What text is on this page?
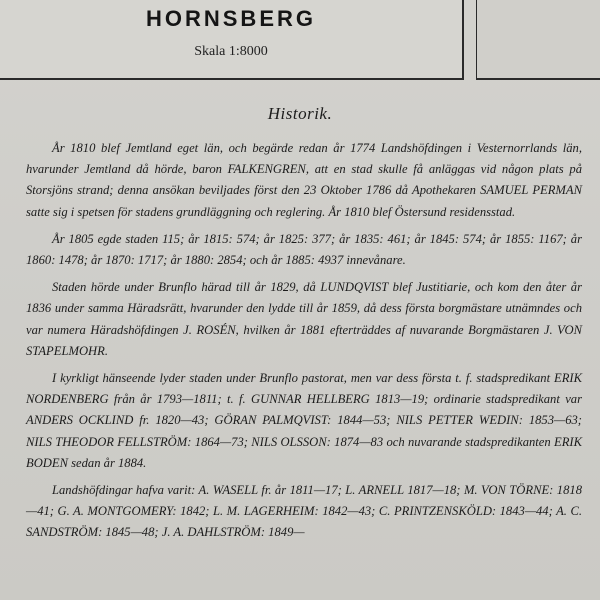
HORNSBERG
Skala 1:8000
Historik.

År 1810 blef Jemtland eget län, och begärde redan år 1774 Landshöfdingen i Vesternorrlands län, hvarunder Jemtland då hörde, baron FALKENGREN, att en stad skulle få anläggas vid någon plats på Storsjöns strand; denna ansökan beviljades först den 23 Oktober 1786 då Apothekaren SAMUEL PERMAN satte sig i spetsen för stadens grundläggning och reglering. År 1810 blef Östersund residensstad.

År 1805 egde staden 115; år 1815: 574; år 1825: 377; år 1835: 461; år 1845: 574; år 1855: 1167; år 1860: 1478; år 1870: 1717; år 1880: 2854; och år 1885: 4937 innevånare.

Staden hörde under Brunflo härad till år 1829, då LUNDQVIST blef Justitiarie, och kom den åter år 1836 under samma Häradsrätt, hvarunder den lydde till år 1859, då dess första borgmästare utnämndes och var numera Häradshöfdingen J. ROSÉN, hvilken år 1881 efterträddes af nuvarande Borgmästaren J. VON STAPELMOHR.

I kyrkligt hänseende lyder staden under Brunflo pastorat, men var dess första t. f. stadspredikant ERIK NORDENBERG från år 1793—1811; t. f. GUNNAR HELLBERG 1813—19; ordinarie stadspredikant var ANDERS OCKLIND fr. 1820—43; GÖRAN PALMQVIST: 1844—53; NILS PETTER WEDIN: 1853—63; NILS THEODOR FELLSTRÖM: 1864—73; NILS OLSSON: 1874—83 och nuvarande stadspredikanten ERIK BODEN sedan år 1884.

Landshöfdingar hafva varit: A. WASELL fr. år 1811—17; L. ARNELL 1817—18; M. VON TÖRNE: 1818—41; G. A. MONTGOMERY: 1842; L. M. LAGERHEIM: 1842—43; C. PRINTZENSKÖLD: 1843—44; A. C. SANDSTRÖM: 1845—48; J. A. DAHLSTRÖM: 1849—
